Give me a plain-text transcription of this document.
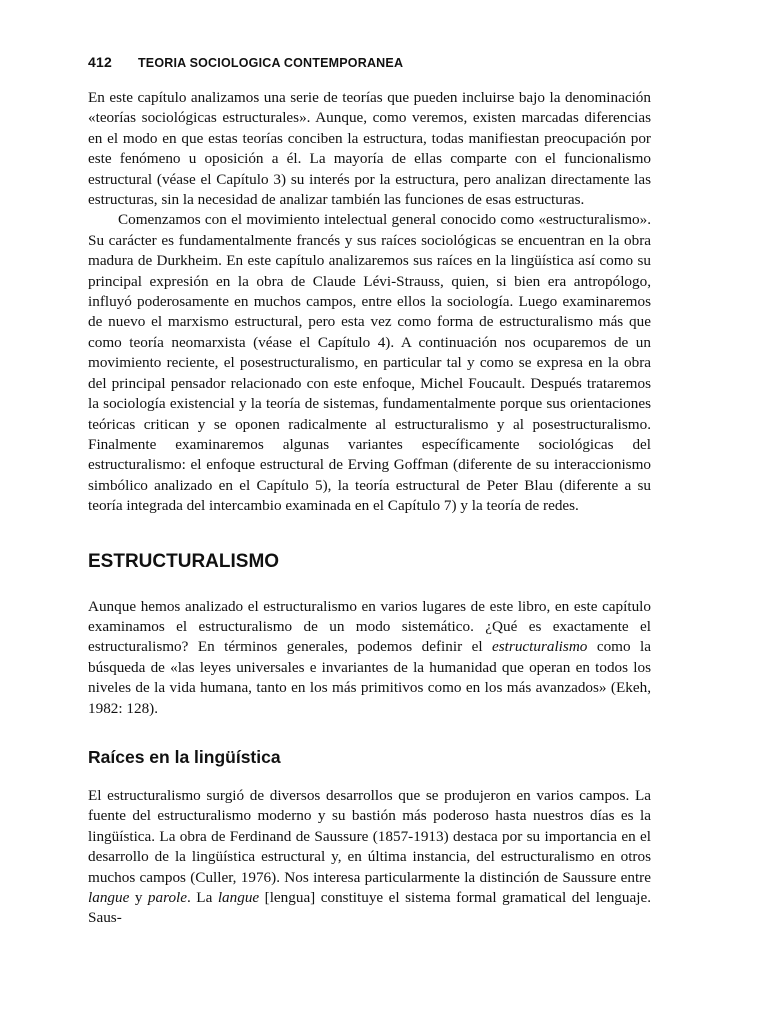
412 TEORIA SOCIOLOGICA CONTEMPORANEA

En este capítulo analizamos una serie de teorías que pueden incluirse bajo la denominación «teorías sociológicas estructurales». Aunque, como veremos, existen marcadas diferencias en el modo en que estas teorías conciben la estructura, todas manifiestan preocupación por este fenómeno u oposición a él. La mayoría de ellas comparte con el funcionalismo estructural (véase el Capítulo 3) su interés por la estructura, pero analizan directamente las estructuras, sin la necesidad de analizar también las funciones de esas estructuras.

Comenzamos con el movimiento intelectual general conocido como «estructuralismo». Su carácter es fundamentalmente francés y sus raíces sociológicas se encuentran en la obra madura de Durkheim. En este capítulo analizaremos sus raíces en la lingüística así como su principal expresión en la obra de Claude Lévi-Strauss, quien, si bien era antropólogo, influyó poderosamente en muchos campos, entre ellos la sociología. Luego examinaremos de nuevo el marxismo estructural, pero esta vez como forma de estructuralismo más que como teoría neomarxista (véase el Capítulo 4). A continuación nos ocuparemos de un movimiento reciente, el posestructuralismo, en particular tal y como se expresa en la obra del principal pensador relacionado con este enfoque, Michel Foucault. Después trataremos la sociología existencial y la teoría de sistemas, fundamentalmente porque sus orientaciones teóricas critican y se oponen radicalmente al estructuralismo y al posestructuralismo. Finalmente examinaremos algunas variantes específicamente sociológicas del estructuralismo: el enfoque estructural de Erving Goffman (diferente de su interaccionismo simbólico analizado en el Capítulo 5), la teoría estructural de Peter Blau (diferente a su teoría integrada del intercambio examinada en el Capítulo 7) y la teoría de redes.

ESTRUCTURALISMO

Aunque hemos analizado el estructuralismo en varios lugares de este libro, en este capítulo examinamos el estructuralismo de un modo sistemático. ¿Qué es exactamente el estructuralismo? En términos generales, podemos definir el estructuralismo como la búsqueda de «las leyes universales e invariantes de la humanidad que operan en todos los niveles de la vida humana, tanto en los más primitivos como en los más avanzados» (Ekeh, 1982: 128).

Raíces en la lingüística

El estructuralismo surgió de diversos desarrollos que se produjeron en varios campos. La fuente del estructuralismo moderno y su bastión más poderoso hasta nuestros días es la lingüística. La obra de Ferdinand de Saussure (1857-1913) destaca por su importancia en el desarrollo de la lingüística estructural y, en última instancia, del estructuralismo en otros muchos campos (Culler, 1976). Nos interesa particularmente la distinción de Saussure entre langue y parole. La langue [lengua] constituye el sistema formal gramatical del lenguaje. Saus-
